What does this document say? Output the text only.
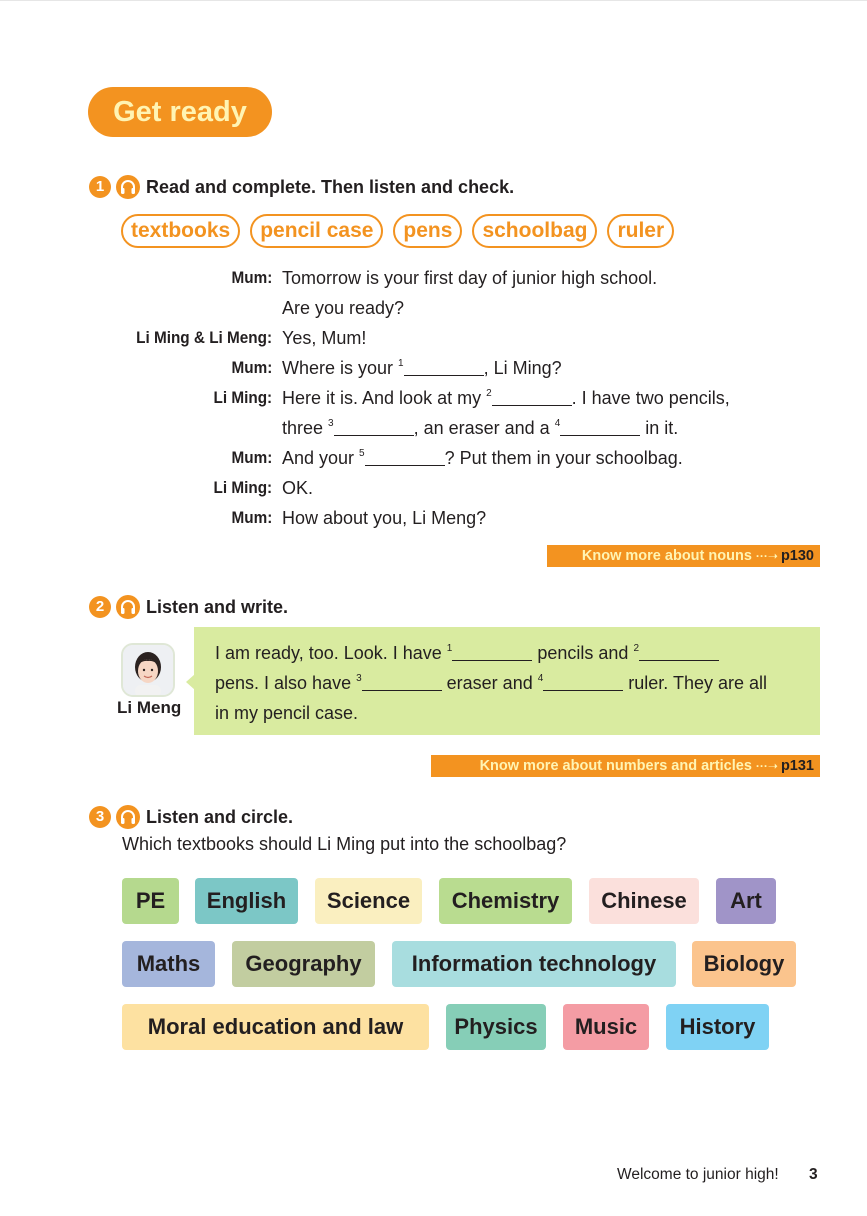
Get ready
1	Read and complete. Then listen and check.
textbooks	pencil case	pens	schoolbag	ruler
Mum: Tomorrow is your first day of junior high school.
Are you ready?
Li Ming & Li Meng: Yes, Mum!
Mum: Where is your $^1$	, Li Ming?
Li Ming: Here it is. And look at my $^2$	. I have two pencils,
three $^3$	, an eraser and a $^4$	in it.
Mum: And your $^5$	? Put them in your schoolbag.
Li Ming: OK.
Mum: How about you, Li Meng?
Know more about nouns ···➝ p130
2	Listen and write.
Li Meng
I am ready, too. Look. I have $^1$	pencils and $^2$
pens. I also have $^3$	eraser and $^4$	ruler. They are all
in my pencil case.
Know more about numbers and articles ···➝ p131
3	Listen and circle.
Which textbooks should Li Ming put into the schoolbag?
PE	English	Science	Chemistry	Chinese	Art
Maths	Geography	Information technology	Biology
Moral education and law	Physics	Music	History
Welcome to junior high! 3
